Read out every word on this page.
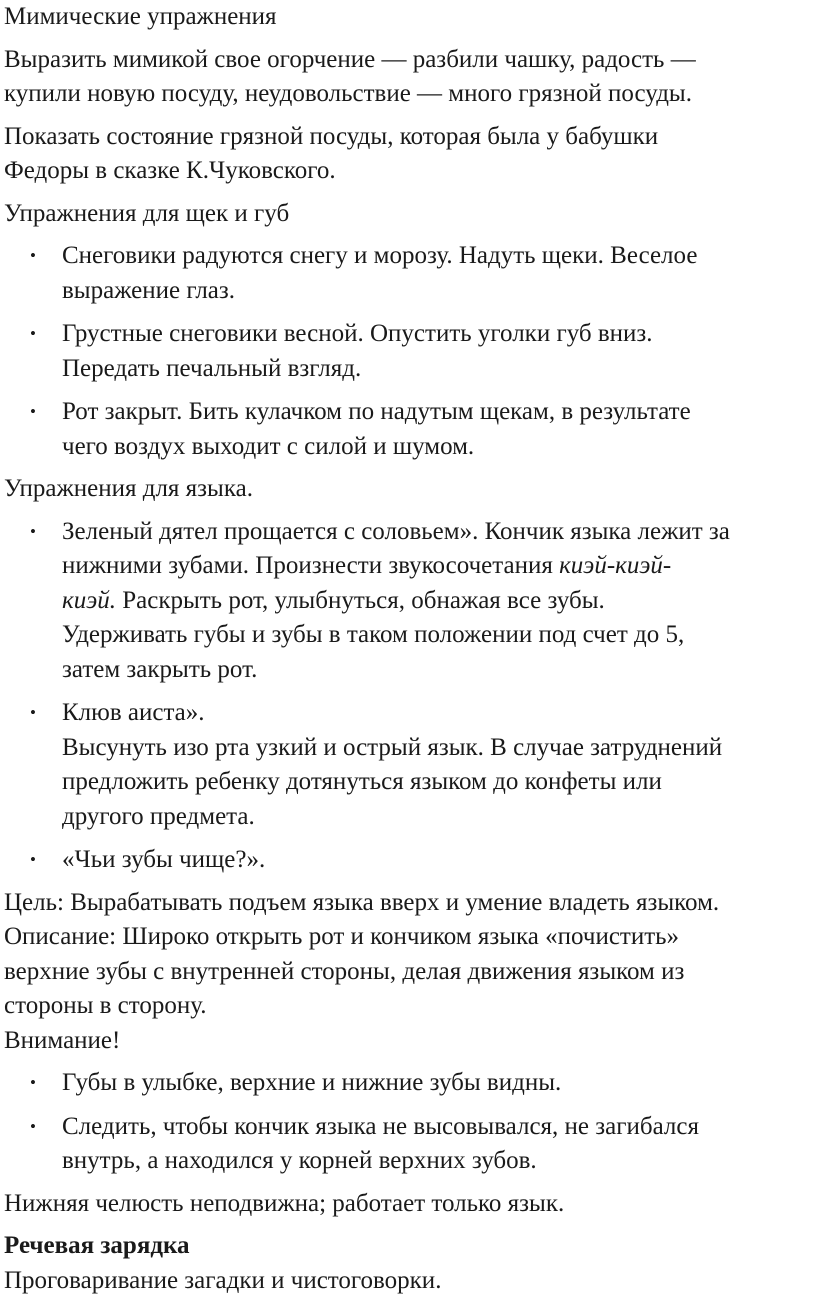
Мимические упражнения

Выразить мимикой свое огорчение — разбили чашку, радость —
купили новую посуду, неудовольствие — много грязной посуды.

Показать состояние грязной посуды, которая была у бабушки
Федоры в сказке К.Чуковского.

Упражнения для щек и губ

• Снеговики радуются снегу и морозу. Надуть щеки. Веселое
выражение глаз.
• Грустные снеговики весной. Опустить уголки губ вниз.
Передать печальный взгляд.
• Рот закрыт. Бить кулачком по надутым щекам, в результате
чего воздух выходит с силой и шумом.

Упражнения для языка.

• Зеленый дятел прощается с соловьем». Кончик языка лежит за
нижними зубами. Произнести звукосочетания киэй-киэй-
киэй. Раскрыть рот, улыбнуться, обнажая все зубы.
Удерживать губы и зубы в таком положении под счет до 5,
затем закрыть рот.
• Клюв аиста».
Высунуть изо рта узкий и острый язык. В случае затруднений
предложить ребенку дотянуться языком до конфеты или
другого предмета.
• «Чьи зубы чище?».

Цель: Вырабатывать подъем языка вверх и умение владеть языком.
Описание: Широко открыть рот и кончиком языка «почистить»
верхние зубы с внутренней стороны, делая движения языком из
стороны в сторону.
Внимание!

• Губы в улыбке, верхние и нижние зубы видны.
• Следить, чтобы кончик языка не высовывался, не загибался
внутрь, а находился у корней верхних зубов.

Нижняя челюсть неподвижна; работает только язык.

Речевая зарядка

Проговаривание загадки и чистоговорки.
